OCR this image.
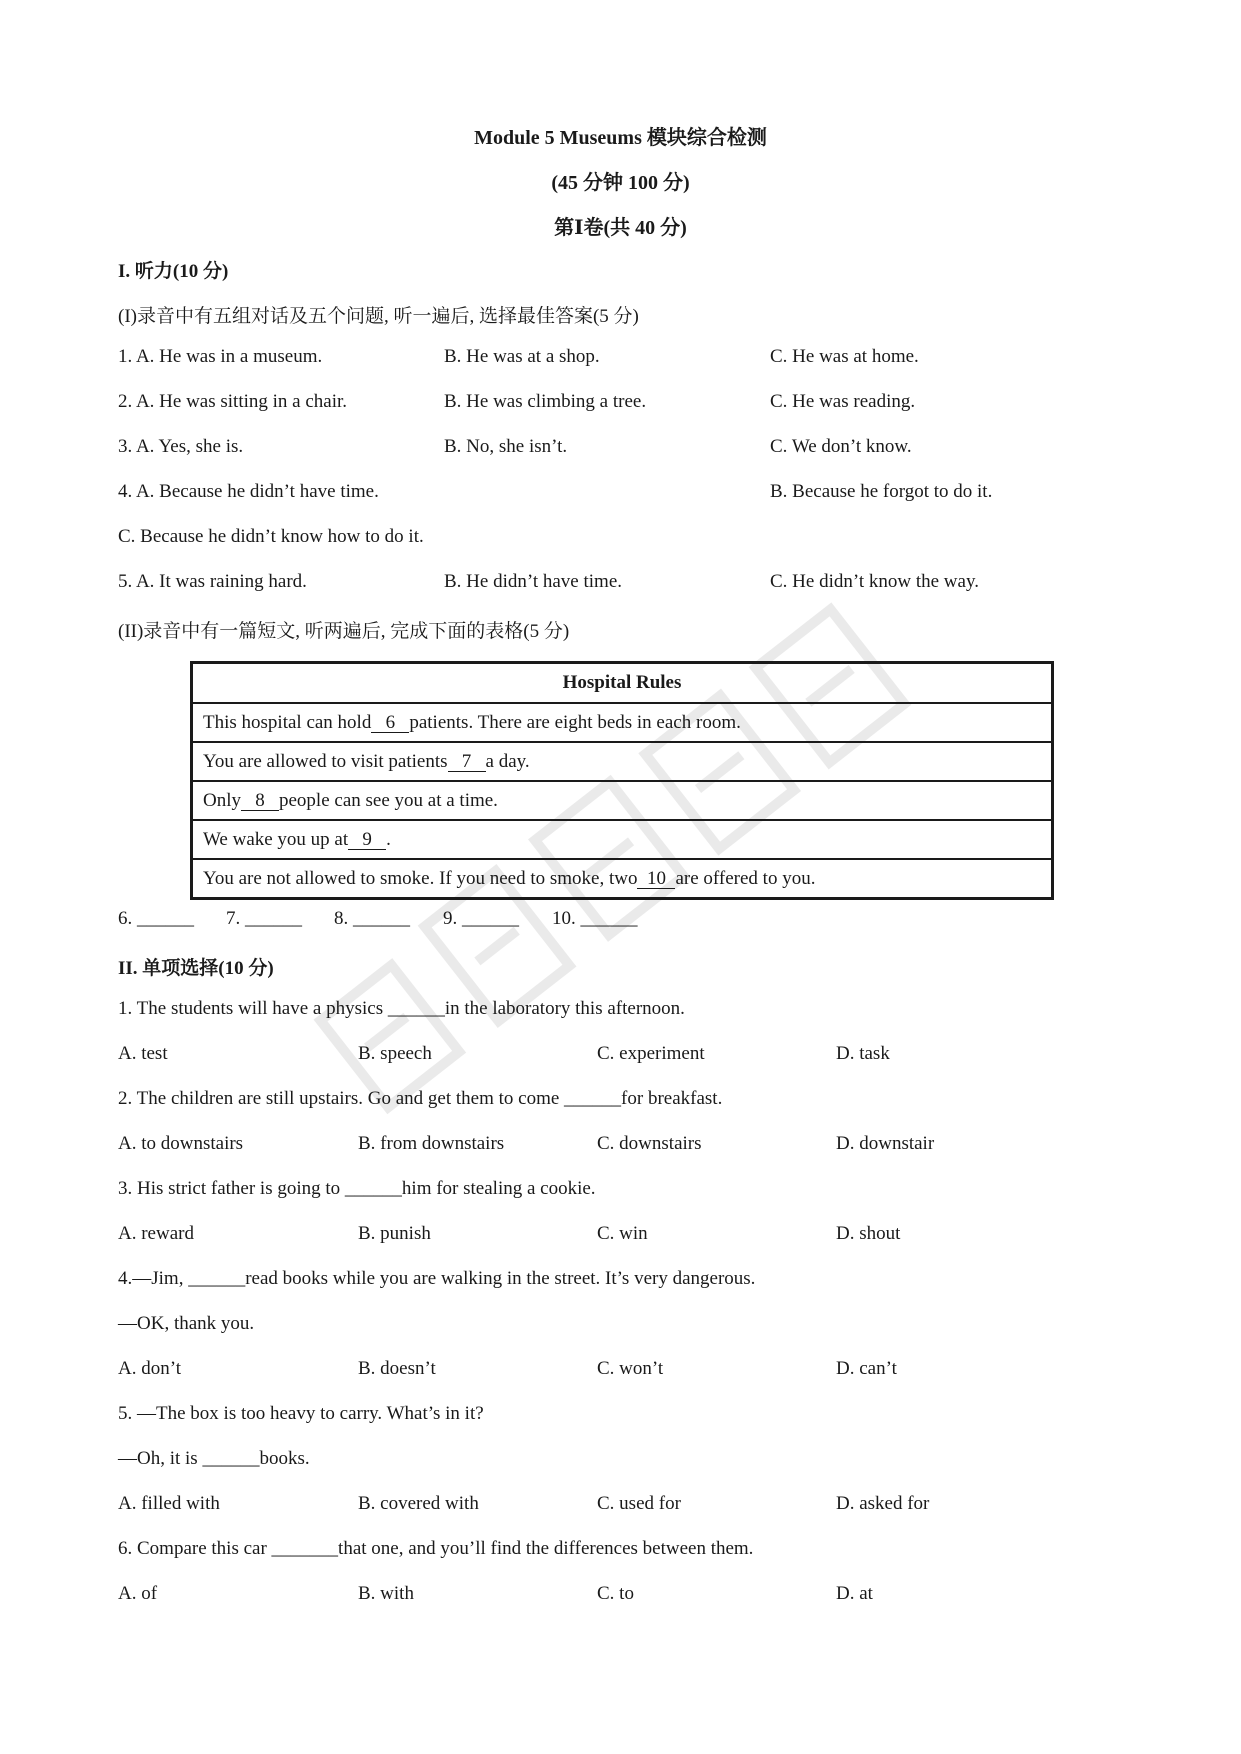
Module 5 Museums 模块综合检测
(45 分钟 100 分)
第Ⅰ卷(共 40 分)
I. 听力(10 分)
(I)录音中有五组对话及五个问题, 听一遍后, 选择最佳答案(5 分)
1. A. He was in a museum.	B. He was at a shop.	C. He was at home.
2. A. He was sitting in a chair.	B. He was climbing a tree.	C. He was reading.
3. A. Yes, she is.	B. No, she isn’t.	C. We don’t know.
4. A. Because he didn’t have time.	B. Because he forgot to do it.
C. Because he didn’t know how to do it.
5. A. It was raining hard.	B. He didn’t have time.	C. He didn’t know the way.
(II)录音中有一篇短文, 听两遍后, 完成下面的表格(5 分)
Hospital Rules
This hospital can hold 6 patients. There are eight beds in each room.
You are allowed to visit patients 7 a day.
Only 8 people can see you at a time.
We wake you up at 9 .
You are not allowed to smoke. If you need to smoke, two 10 are offered to you.
6. ______ 7. ______ 8. ______ 9. ______ 10. ______
II. 单项选择(10 分)
1. The students will have a physics ______in the laboratory this afternoon.
A. test	B. speech	C. experiment	D. task
2. The children are still upstairs. Go and get them to come ______for breakfast.
A. to downstairs	B. from downstairs	C. downstairs	D. downstair
3. His strict father is going to ______him for stealing a cookie.
A. reward	B. punish	C. win	D. shout
4.—Jim, ______read books while you are walking in the street. It’s very dangerous.
—OK, thank you.
A. don’t	B. doesn’t	C. won’t	D. can’t
5. —The box is too heavy to carry. What’s in it?
—Oh, it is ______books.
A. filled with	B. covered with	C. used for	D. asked for
6. Compare this car _______that one, and you’ll find the differences between them.
A. of	B. with	C. to	D. at
